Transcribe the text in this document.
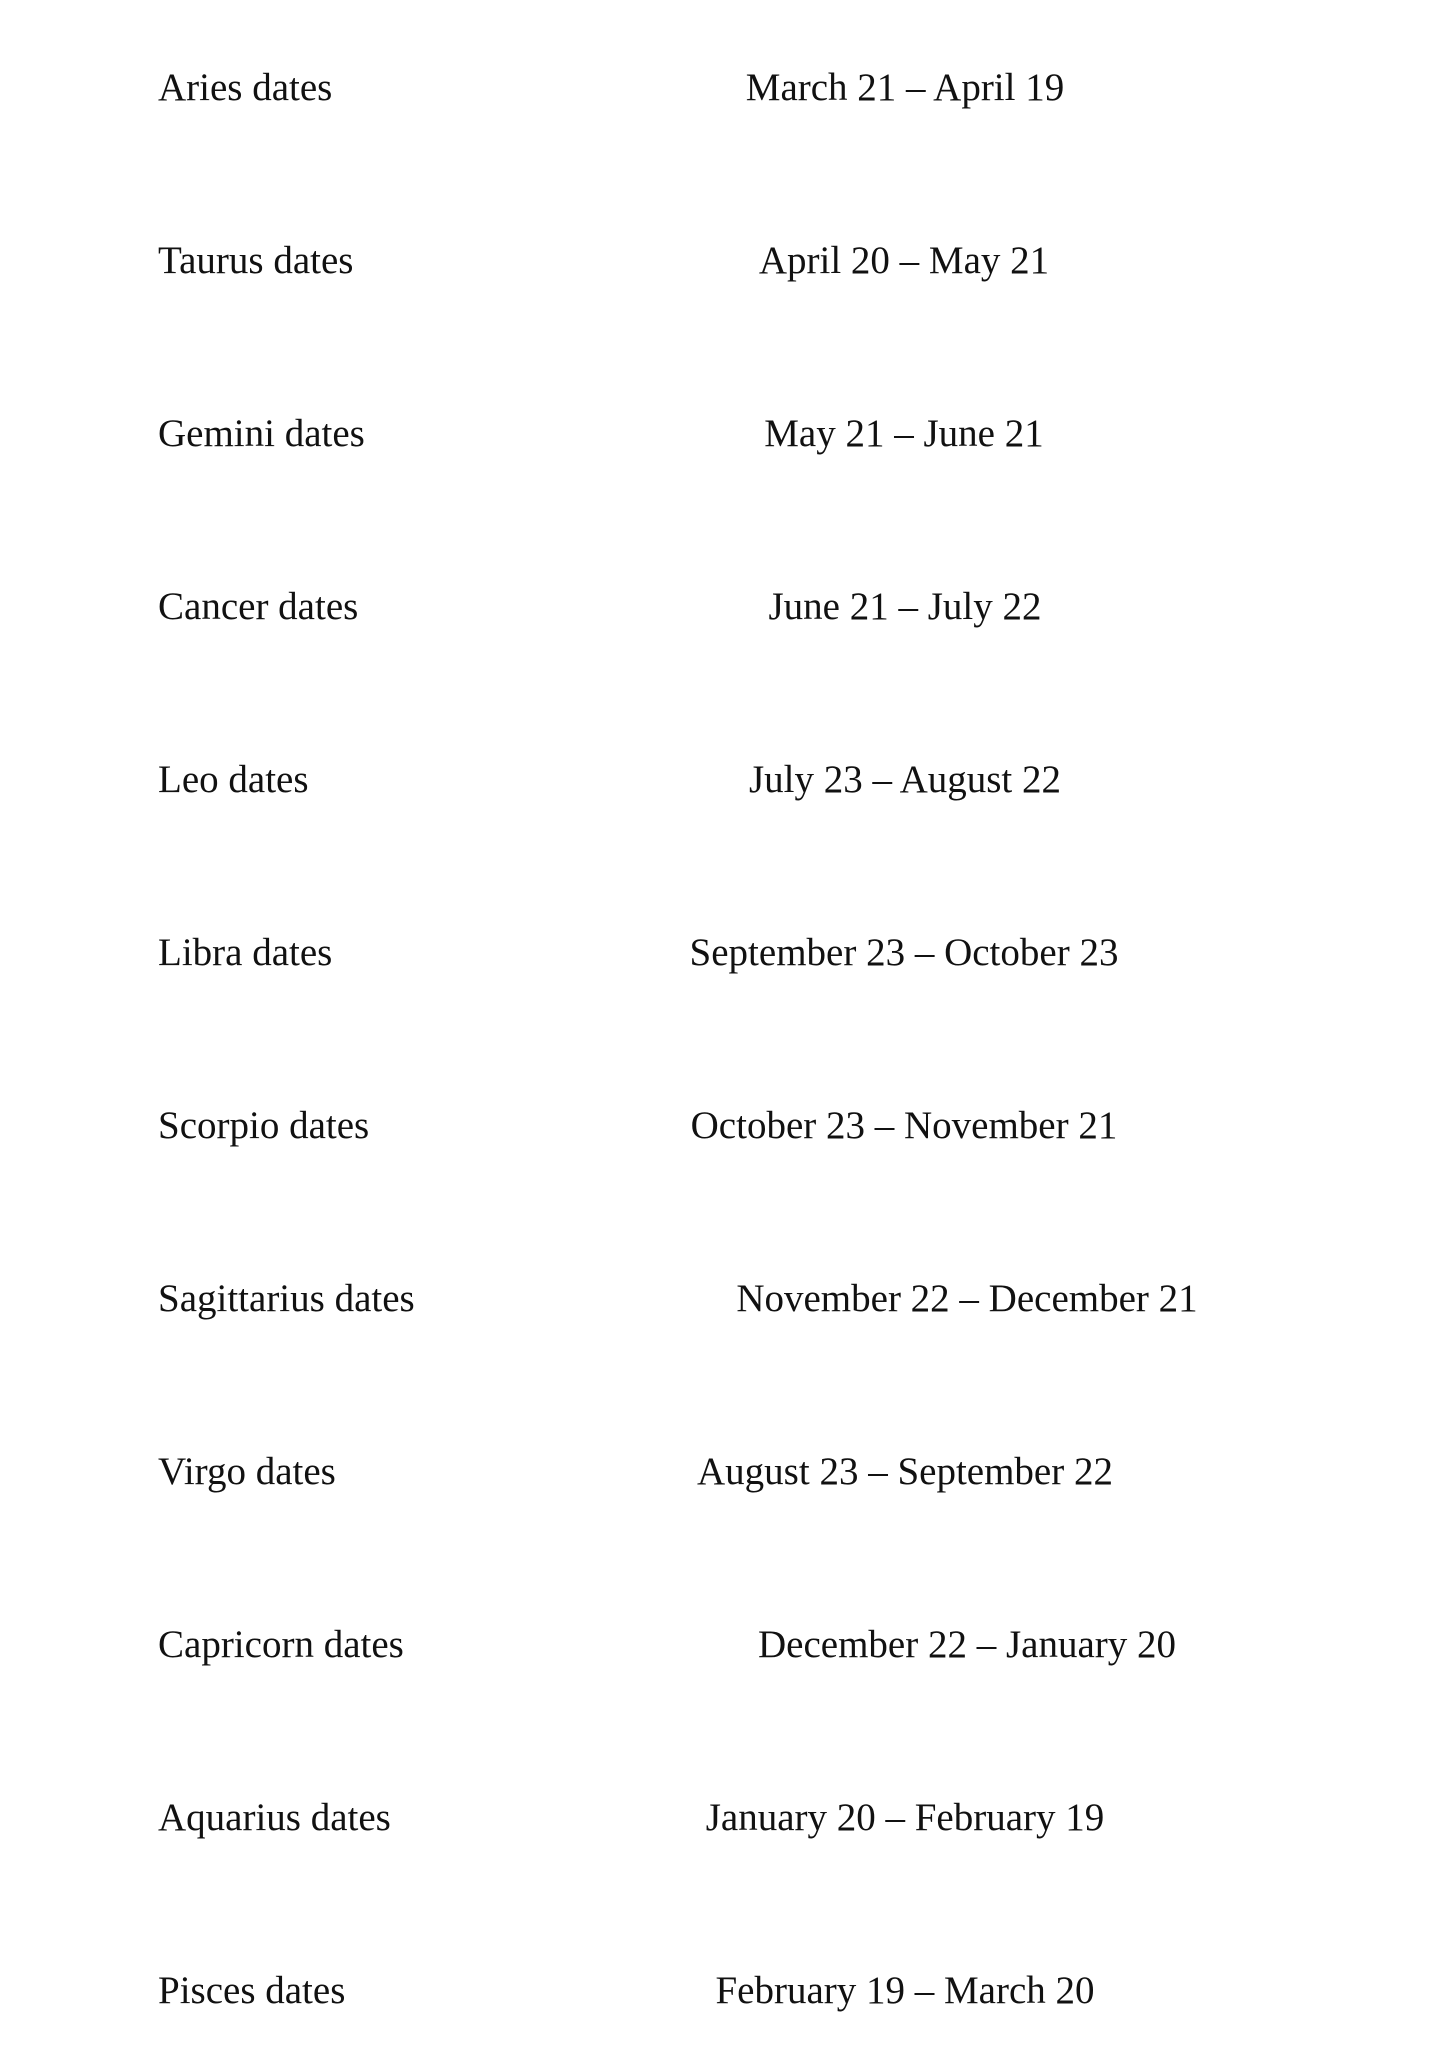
Aries dates	March 21 – April 19
Taurus dates	April 20 – May 21
Gemini dates	May 21 – June 21
Cancer dates	June 21 – July 22
Leo dates	July 23 – August 22
Libra dates	September 23 – October 23
Scorpio dates	October 23 – November 21
Sagittarius dates	November 22 – December 21
Virgo dates	August 23 – September 22
Capricorn dates	December 22 – January 20
Aquarius dates	January 20 – February 19
Pisces dates	February 19 – March 20
